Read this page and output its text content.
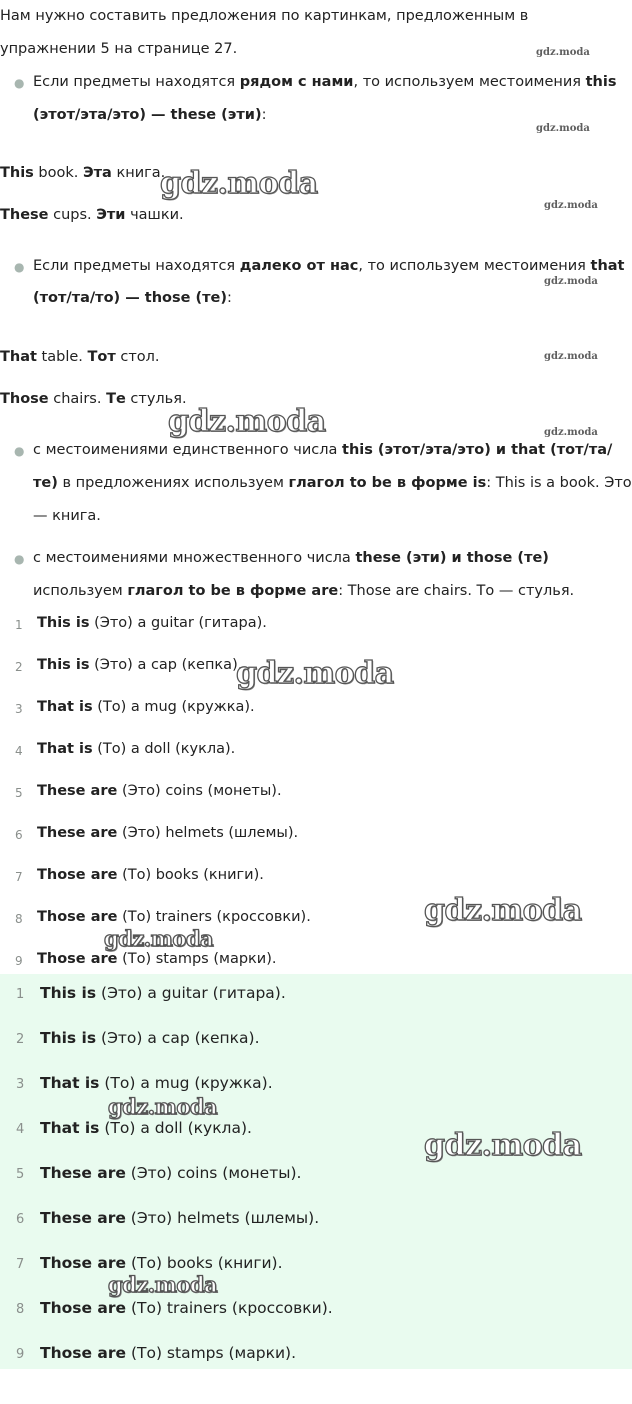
Нам нужно составить предложения по картинкам, предложенным в
упражнении 5 на странице 27.	gdz.moda
● Если предметы находятся рядом с нами, то используем местоимения this
(этот/эта/это) — these (эти):
gdz.moda
This book. Эта книга.
gdz.moda
gdz.moda
These cups. Эти чашки.
● Если предметы находятся далеко от нас, то используем местоимения that
gdz.moda
(тот/та/то) — those (те):
That table. Тот стол.	gdz.moda
Those chairs. Те стулья.
gdz.moda	gdz.moda
● с местоимениями единственного числа this (этот/эта/это) и that (тот/та/
те) в предложениях используем глагол to be в форме is: This is a book. Это
— книга.
● с местоимениями множественного числа these (эти) и those (те)
используем глагол to be в форме are: Those are chairs. То — стулья.
1 This is (Это) a guitar (гитара).
2 This is (Это) a cap (кепка).
3 That is (То) a mug (кружка).
4 That is (То) a doll (кукла).
5 These are (Это) coins (монеты).
6 These are (Это) helmets (шлемы).
7 Those are (То) books (книги).
8 Those are (То) trainers (кроссовки).
9 Those are (То) stamps (марки).
gdz.moda
gdz.moda
gdz.moda
1 This is (Это) a guitar (гитара).
2 This is (Это) a cap (кепка).
3 That is (То) a mug (кружка).
4 That is (То) a doll (кукла).
5 These are (Это) coins (монеты).
6 These are (Это) helmets (шлемы).
7 Those are (То) books (книги).
8 Those are (То) trainers (кроссовки).
9 Those are (То) stamps (марки).
gdz.moda
gdz.moda
gdz.moda
